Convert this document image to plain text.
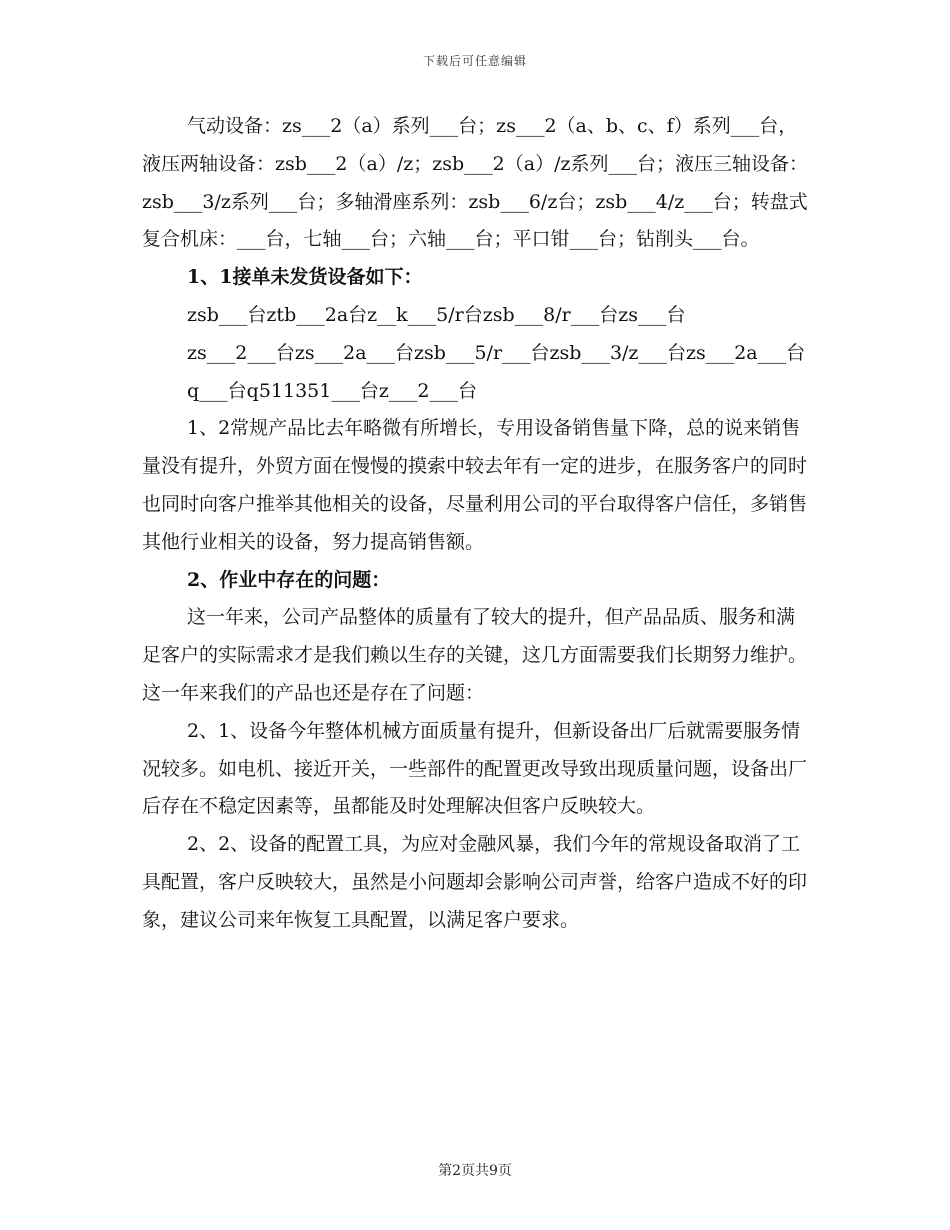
下载后可任意编辑

气动设备：zs___2（a）系列___台；zs___2（a、b、c、f）系列___台，液压两轴设备：zsb___2（a）/z；zsb___2（a）/z系列___台；液压三轴设备：zsb___3/z系列___台；多轴滑座系列：zsb___6/z台；zsb___4/z___台；转盘式复合机床：___台，七轴___台；六轴___台；平口钳___台；钻削头___台。

1、1接单未发货设备如下：

zsb___台ztb___2a台z__k___5/r台zsb___8/r___台zs___台

zs___2___台zs___2a___台zsb___5/r___台zsb___3/z___台zs___2a___台

q___台q511351___台z___2___台

1、2常规产品比去年略微有所增长，专用设备销售量下降，总的说来销售量没有提升，外贸方面在慢慢的摸索中较去年有一定的进步，在服务客户的同时也同时向客户推举其他相关的设备，尽量利用公司的平台取得客户信任，多销售其他行业相关的设备，努力提高销售额。

2、作业中存在的问题：

这一年来，公司产品整体的质量有了较大的提升，但产品品质、服务和满足客户的实际需求才是我们赖以生存的关键，这几方面需要我们长期努力维护。这一年来我们的产品也还是存在了问题：

2、1、设备今年整体机械方面质量有提升，但新设备出厂后就需要服务情况较多。如电机、接近开关，一些部件的配置更改导致出现质量问题，设备出厂后存在不稳定因素等，虽都能及时处理解决但客户反映较大。

2、2、设备的配置工具，为应对金融风暴，我们今年的常规设备取消了工具配置，客户反映较大，虽然是小问题却会影响公司声誉，给客户造成不好的印象，建议公司来年恢复工具配置，以满足客户要求。

第2页共9页
